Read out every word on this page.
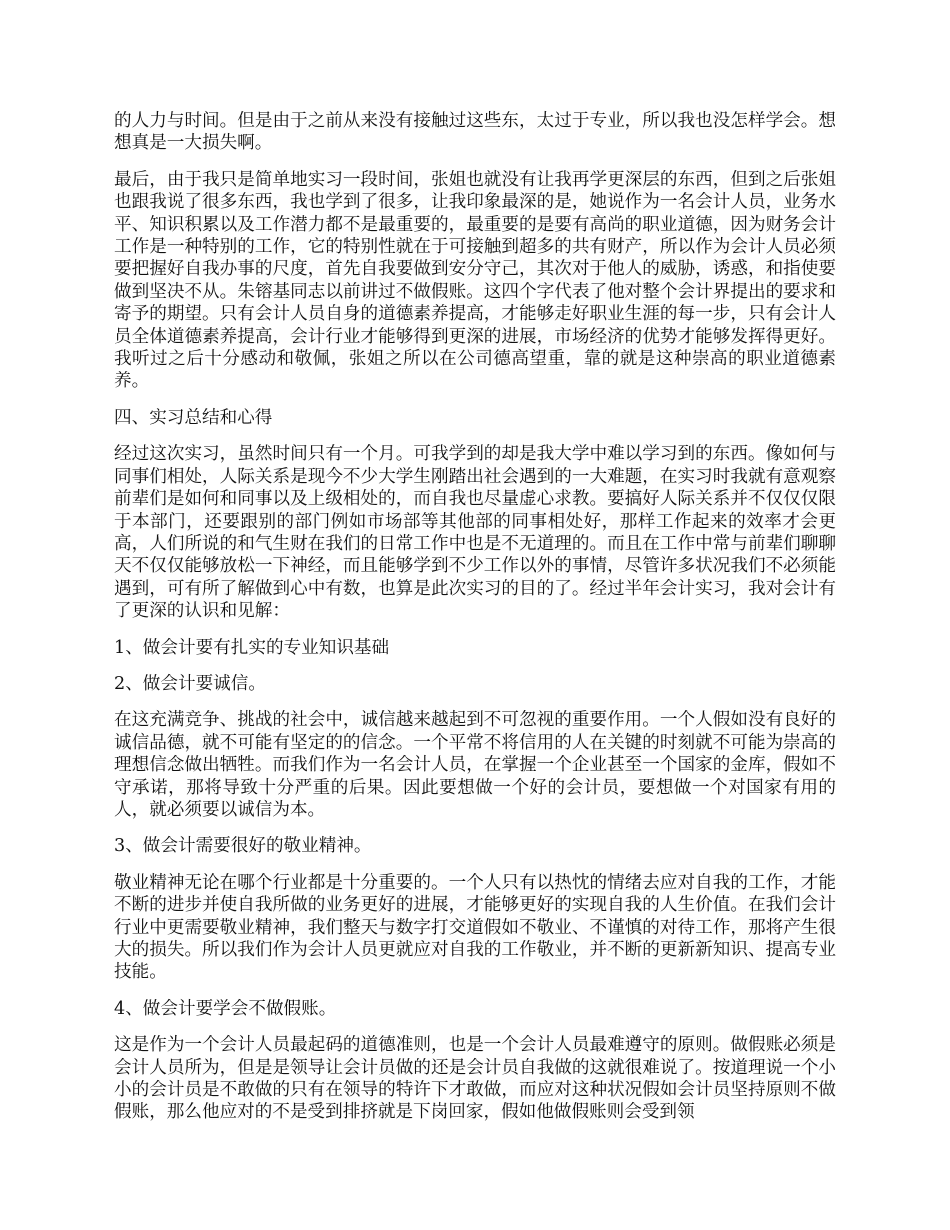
的人力与时间。但是由于之前从来没有接触过这些东，太过于专业，所以我也没怎样学会。想想真是一大损失啊。

最后，由于我只是简单地实习一段时间，张姐也就没有让我再学更深层的东西，但到之后张姐也跟我说了很多东西，我也学到了很多，让我印象最深的是，她说作为一名会计人员，业务水平、知识积累以及工作潜力都不是最重要的，最重要的是要有高尚的职业道德，因为财务会计工作是一种特别的工作，它的特别性就在于可接触到超多的共有财产，所以作为会计人员必须要把握好自我办事的尺度，首先自我要做到安分守己，其次对于他人的威胁，诱惑，和指使要做到坚决不从。朱镕基同志以前讲过不做假账。这四个字代表了他对整个会计界提出的要求和寄予的期望。只有会计人员自身的道德素养提高，才能够走好职业生涯的每一步，只有会计人员全体道德素养提高，会计行业才能够得到更深的进展，市场经济的优势才能够发挥得更好。我听过之后十分感动和敬佩，张姐之所以在公司德高望重，靠的就是这种崇高的职业道德素养。

四、实习总结和心得

经过这次实习，虽然时间只有一个月。可我学到的却是我大学中难以学习到的东西。像如何与同事们相处，人际关系是现今不少大学生刚踏出社会遇到的一大难题，在实习时我就有意观察前辈们是如何和同事以及上级相处的，而自我也尽量虚心求教。要搞好人际关系并不仅仅仅限于本部门，还要跟别的部门例如市场部等其他部的同事相处好，那样工作起来的效率才会更高，人们所说的和气生财在我们的日常工作中也是不无道理的。而且在工作中常与前辈们聊聊天不仅仅能够放松一下神经，而且能够学到不少工作以外的事情，尽管许多状况我们不必须能遇到，可有所了解做到心中有数，也算是此次实习的目的了。经过半年会计实习，我对会计有了更深的认识和见解：

1、做会计要有扎实的专业知识基础

2、做会计要诚信。

在这充满竞争、挑战的社会中，诚信越来越起到不可忽视的重要作用。一个人假如没有良好的诚信品德，就不可能有坚定的的信念。一个平常不将信用的人在关键的时刻就不可能为崇高的理想信念做出牺牲。而我们作为一名会计人员，在掌握一个企业甚至一个国家的金库，假如不守承诺，那将导致十分严重的后果。因此要想做一个好的会计员，要想做一个对国家有用的人，就必须要以诚信为本。

3、做会计需要很好的敬业精神。

敬业精神无论在哪个行业都是十分重要的。一个人只有以热忱的情绪去应对自我的工作，才能不断的进步并使自我所做的业务更好的进展，才能够更好的实现自我的人生价值。在我们会计行业中更需要敬业精神，我们整天与数字打交道假如不敬业、不谨慎的对待工作，那将产生很大的损失。所以我们作为会计人员更就应对自我的工作敬业，并不断的更新新知识、提高专业技能。

4、做会计要学会不做假账。

这是作为一个会计人员最起码的道德准则，也是一个会计人员最难遵守的原则。做假账必须是会计人员所为，但是是领导让会计员做的还是会计员自我做的这就很难说了。按道理说一个小小的会计员是不敢做的只有在领导的特许下才敢做，而应对这种状况假如会计员坚持原则不做假账，那么他应对的不是受到排挤就是下岗回家，假如他做假账则会受到领
